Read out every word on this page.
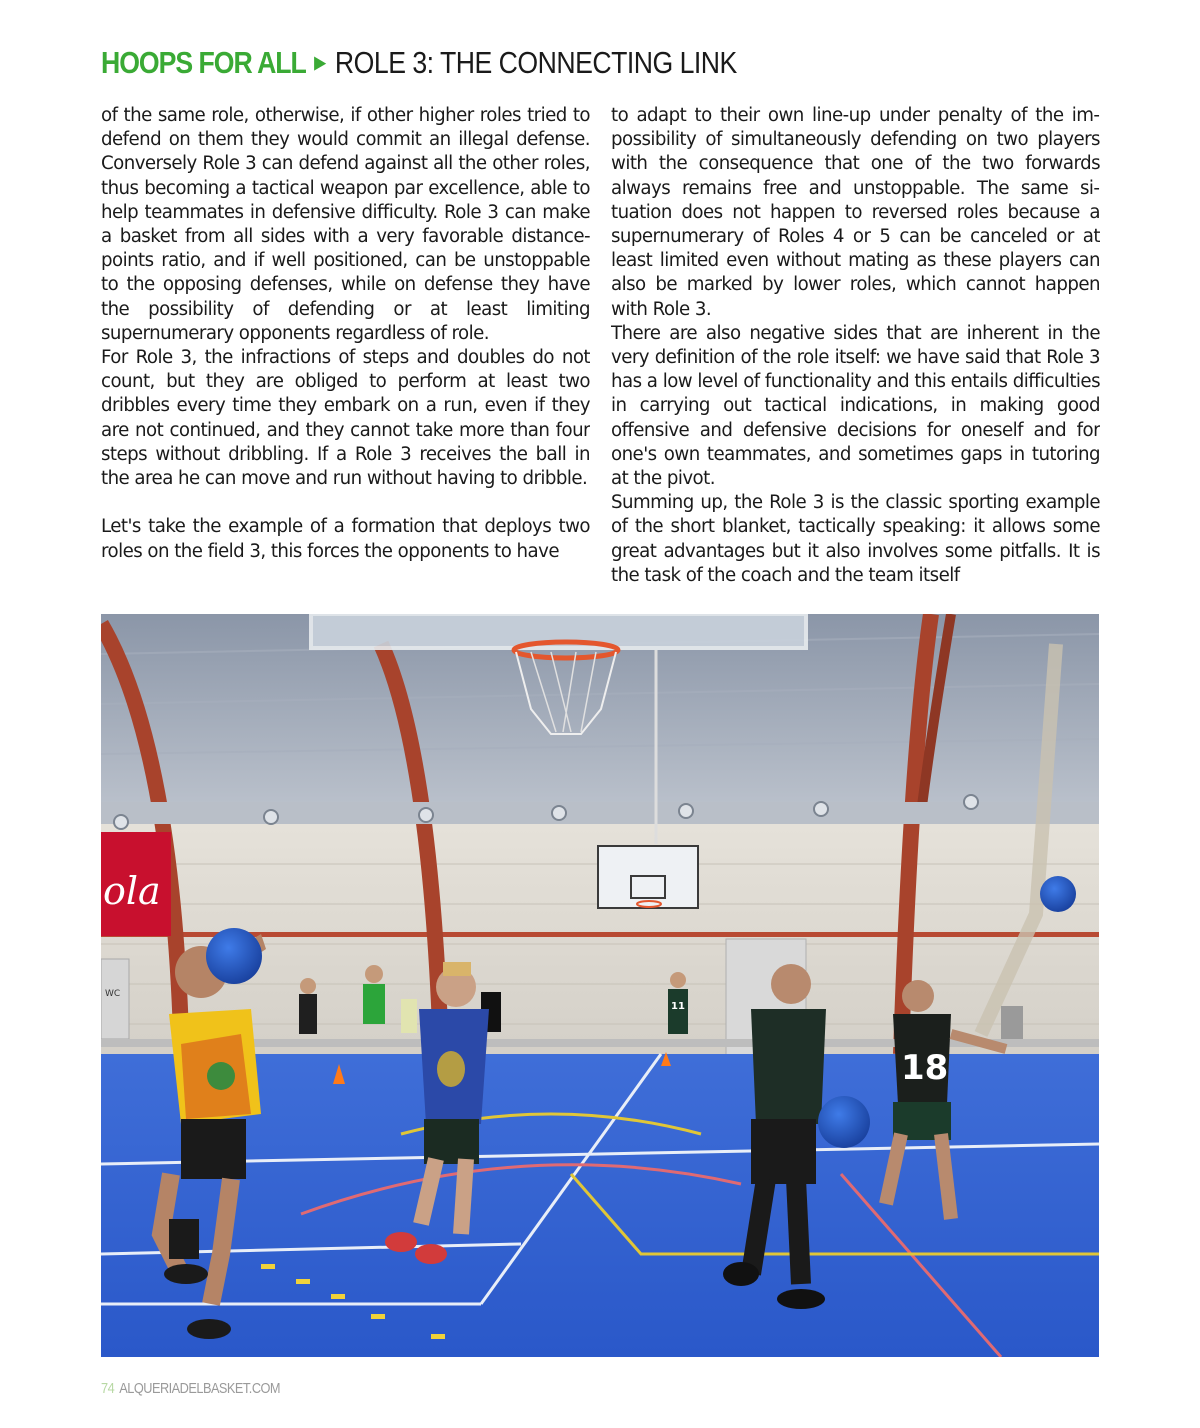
HOOPS FOR ALL ▶ ROLE 3: THE CONNECTING LINK

of the same role, otherwise, if other higher roles tried to defend on them they would commit an illegal defense. Conversely Role 3 can defend against all the other roles, thus becoming a tactical weapon par excellence, able to help teammates in defensive difficulty. Role 3 can make a basket from all sides with a very favorable distance-points ratio, and if well positioned, can be unstoppable to the opposing defenses, while on defense they have the possibility of defending or at least limiting supernumerary opponents regardless of role.

For Role 3, the infractions of steps and doubles do not count, but they are obliged to perform at least two dribbles every time they embark on a run, even if they are not continued, and they cannot take more than four steps without dribbling. If a Role 3 receives the ball in the area he can move and run without having to dribble.

Let's take the example of a formation that deploys two roles on the field 3, this forces the opponents to have

to adapt to their own line-up under penalty of the impossibility of simultaneously defending on two players with the consequence that one of the two forwards always remains free and unstoppable. The same situation does not happen to reversed roles because a supernumerary of Roles 4 or 5 can be canceled or at least limited even without mating as these players can also be marked by lower roles, which cannot happen with Role 3.

There are also negative sides that are inherent in the very definition of the role itself: we have said that Role 3 has a low level of functionality and this entails difficulties in carrying out tactical indications, in making good offensive and defensive decisions for oneself and for one's own teammates, and sometimes gaps in tutoring at the pivot.

Summing up, the Role 3 is the classic sporting example of the short blanket, tactically speaking: it allows some great advantages but it also involves some pitfalls. It is the task of the coach and the team itself

ola
WC
11
18
74 ALQUERIADELBASKET.COM
